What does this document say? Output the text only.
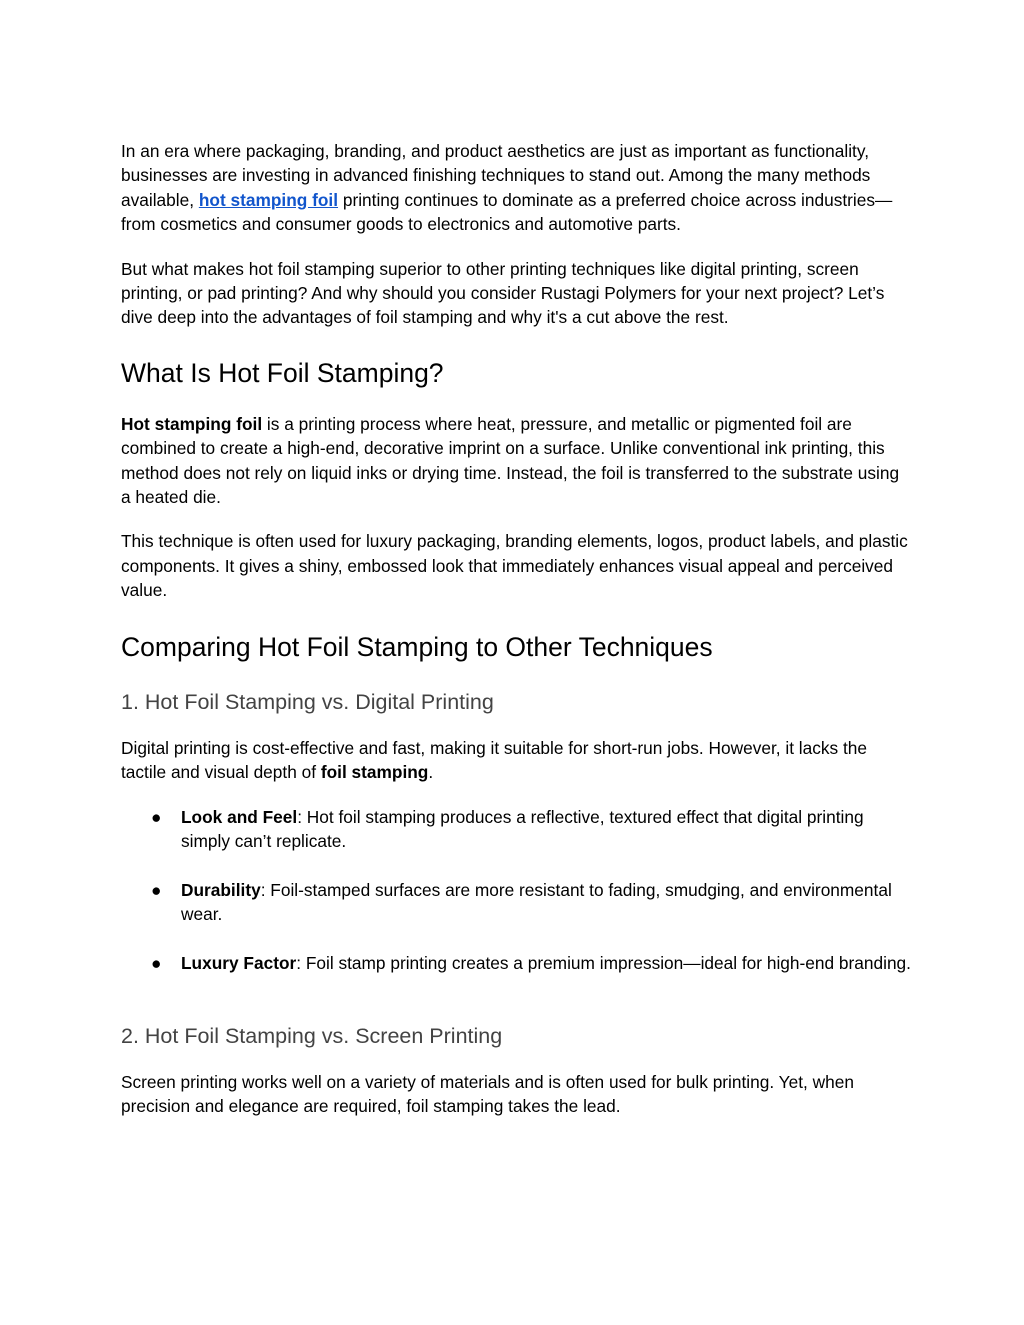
In an era where packaging, branding, and product aesthetics are just as important as functionality, businesses are investing in advanced finishing techniques to stand out. Among the many methods available, hot stamping foil printing continues to dominate as a preferred choice across industries—from cosmetics and consumer goods to electronics and automotive parts.

But what makes hot foil stamping superior to other printing techniques like digital printing, screen printing, or pad printing? And why should you consider Rustagi Polymers for your next project? Let’s dive deep into the advantages of foil stamping and why it's a cut above the rest.

What Is Hot Foil Stamping?

Hot stamping foil is a printing process where heat, pressure, and metallic or pigmented foil are combined to create a high-end, decorative imprint on a surface. Unlike conventional ink printing, this method does not rely on liquid inks or drying time. Instead, the foil is transferred to the substrate using a heated die.

This technique is often used for luxury packaging, branding elements, logos, product labels, and plastic components. It gives a shiny, embossed look that immediately enhances visual appeal and perceived value.

Comparing Hot Foil Stamping to Other Techniques
1. Hot Foil Stamping vs. Digital Printing

Digital printing is cost-effective and fast, making it suitable for short-run jobs. However, it lacks the tactile and visual depth of foil stamping.

● Look and Feel: Hot foil stamping produces a reflective, textured effect that digital printing simply can’t replicate.
● Durability: Foil-stamped surfaces are more resistant to fading, smudging, and environmental wear.
● Luxury Factor: Foil stamp printing creates a premium impression—ideal for high-end branding.
2. Hot Foil Stamping vs. Screen Printing

Screen printing works well on a variety of materials and is often used for bulk printing. Yet, when precision and elegance are required, foil stamping takes the lead.
